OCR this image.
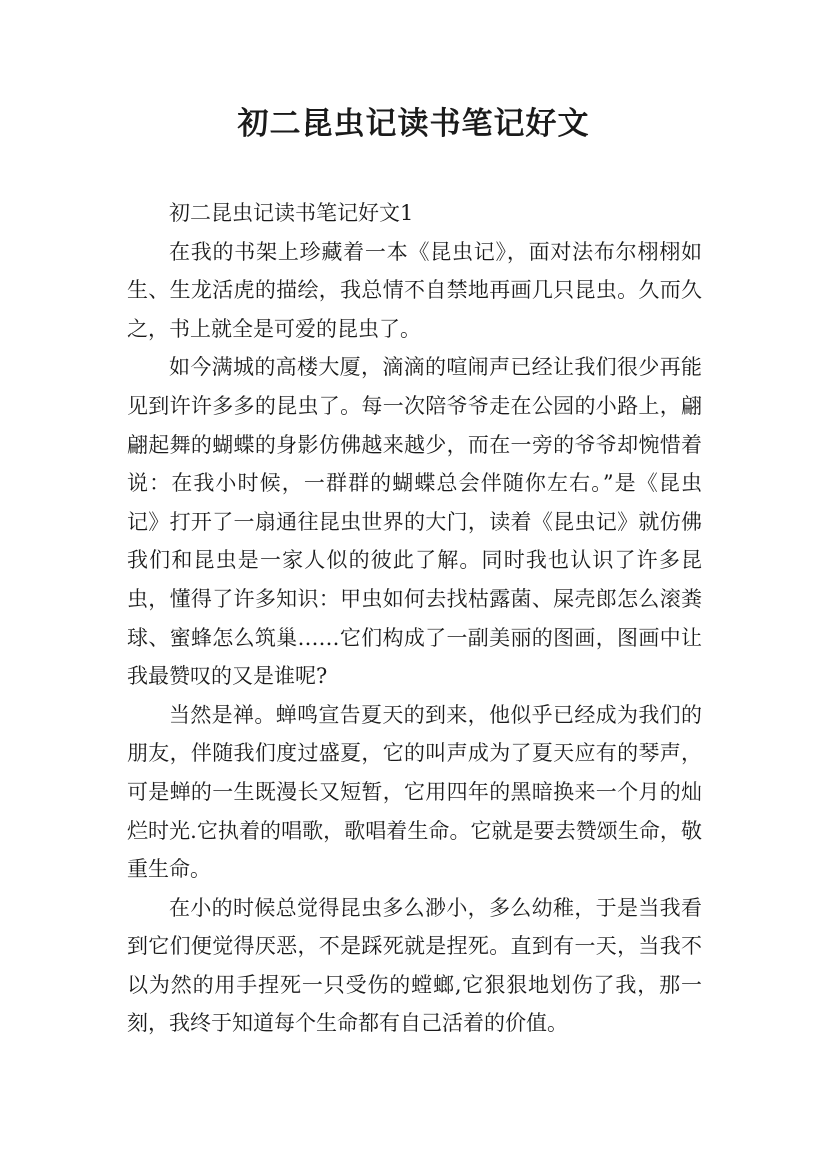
初二昆虫记读书笔记好文

初二昆虫记读书笔记好文1

在我的书架上珍藏着一本《昆虫记》，面对法布尔栩栩如生、生龙活虎的描绘，我总情不自禁地再画几只昆虫。久而久之，书上就全是可爱的昆虫了。

如今满城的高楼大厦，滴滴的喧闹声已经让我们很少再能见到许许多多的昆虫了。每一次陪爷爷走在公园的小路上，翩翩起舞的蝴蝶的身影仿佛越来越少，而在一旁的爷爷却惋惜着说：在我小时候，一群群的蝴蝶总会伴随你左右。”是《昆虫记》打开了一扇通往昆虫世界的大门，读着《昆虫记》就仿佛我们和昆虫是一家人似的彼此了解。同时我也认识了许多昆虫，懂得了许多知识：甲虫如何去找枯露菌、屎壳郎怎么滚粪球、蜜蜂怎么筑巢……它们构成了一副美丽的图画，图画中让我最赞叹的又是谁呢?

当然是禅。蝉鸣宣告夏天的到来，他似乎已经成为我们的朋友，伴随我们度过盛夏，它的叫声成为了夏天应有的琴声，可是蝉的一生既漫长又短暂，它用四年的黑暗换来一个月的灿烂时光.它执着的唱歌，歌唱着生命。它就是要去赞颂生命，敬重生命。

在小的时候总觉得昆虫多么渺小，多么幼稚，于是当我看到它们便觉得厌恶，不是踩死就是捏死。直到有一天，当我不以为然的用手捏死一只受伤的螳螂,它狠狠地划伤了我，那一刻，我终于知道每个生命都有自己活着的价值。
